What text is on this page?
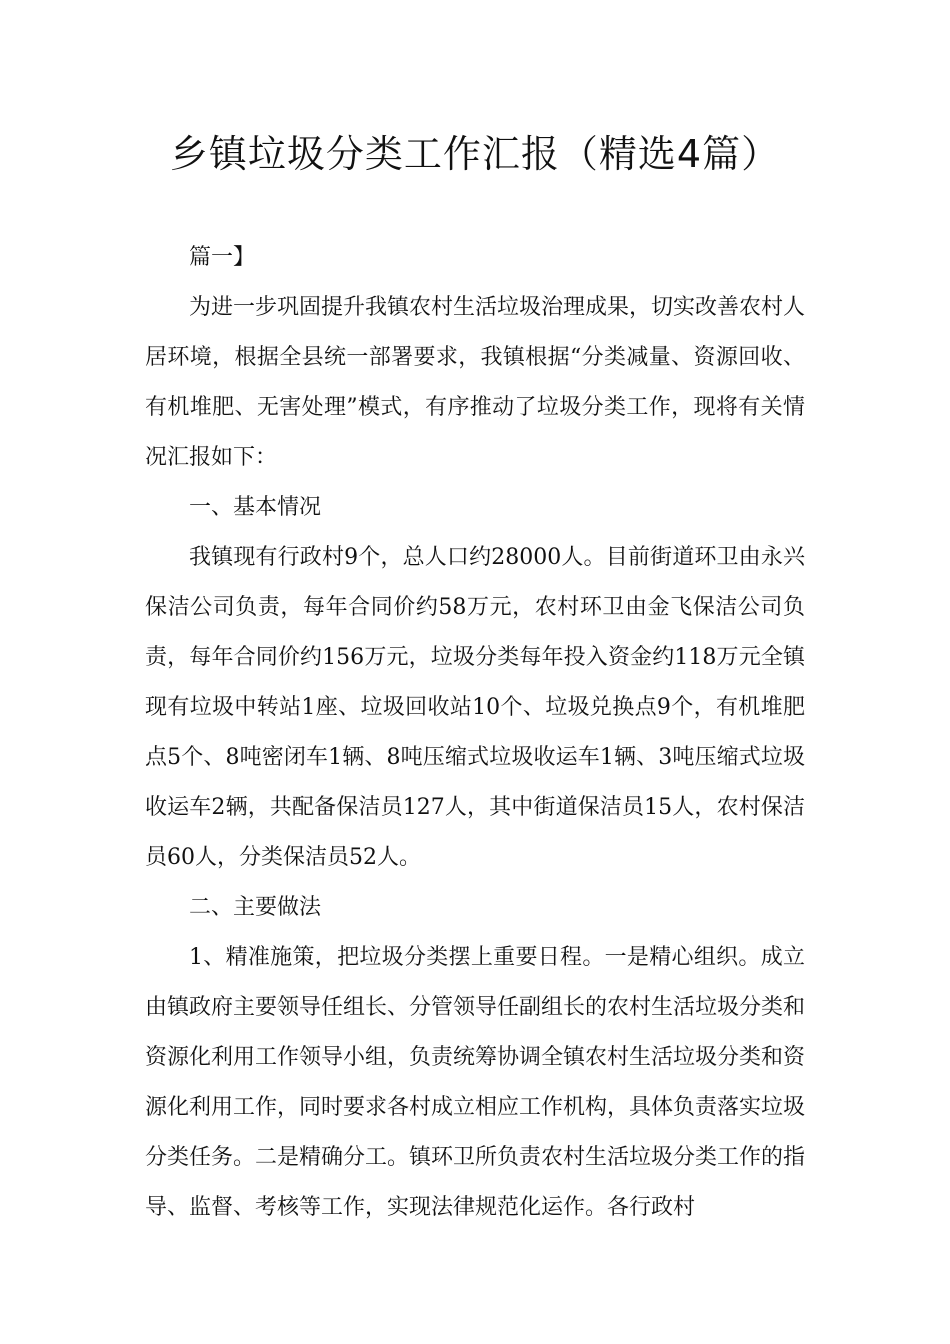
乡镇垃圾分类工作汇报（精选4篇）

篇一】

为进一步巩固提升我镇农村生活垃圾治理成果，切实改善农村人居环境，根据全县统一部署要求，我镇根据“分类减量、资源回收、有机堆肥、无害处理”模式，有序推动了垃圾分类工作，现将有关情况汇报如下：

一、基本情况

我镇现有行政村9个，总人口约28000人。目前街道环卫由永兴保洁公司负责，每年合同价约58万元，农村环卫由金飞保洁公司负责，每年合同价约156万元，垃圾分类每年投入资金约118万元全镇现有垃圾中转站1座、垃圾回收站10个、垃圾兑换点9个，有机堆肥点5个、8吨密闭车1辆、8吨压缩式垃圾收运车1辆、3吨压缩式垃圾收运车2辆，共配备保洁员127人，其中街道保洁员15人，农村保洁员60人，分类保洁员52人。

二、主要做法

1、精准施策，把垃圾分类摆上重要日程。一是精心组织。成立由镇政府主要领导任组长、分管领导任副组长的农村生活垃圾分类和资源化利用工作领导小组，负责统筹协调全镇农村生活垃圾分类和资源化利用工作，同时要求各村成立相应工作机构，具体负责落实垃圾分类任务。二是精确分工。镇环卫所负责农村生活垃圾分类工作的指导、监督、考核等工作，实现法律规范化运作。各行政村
